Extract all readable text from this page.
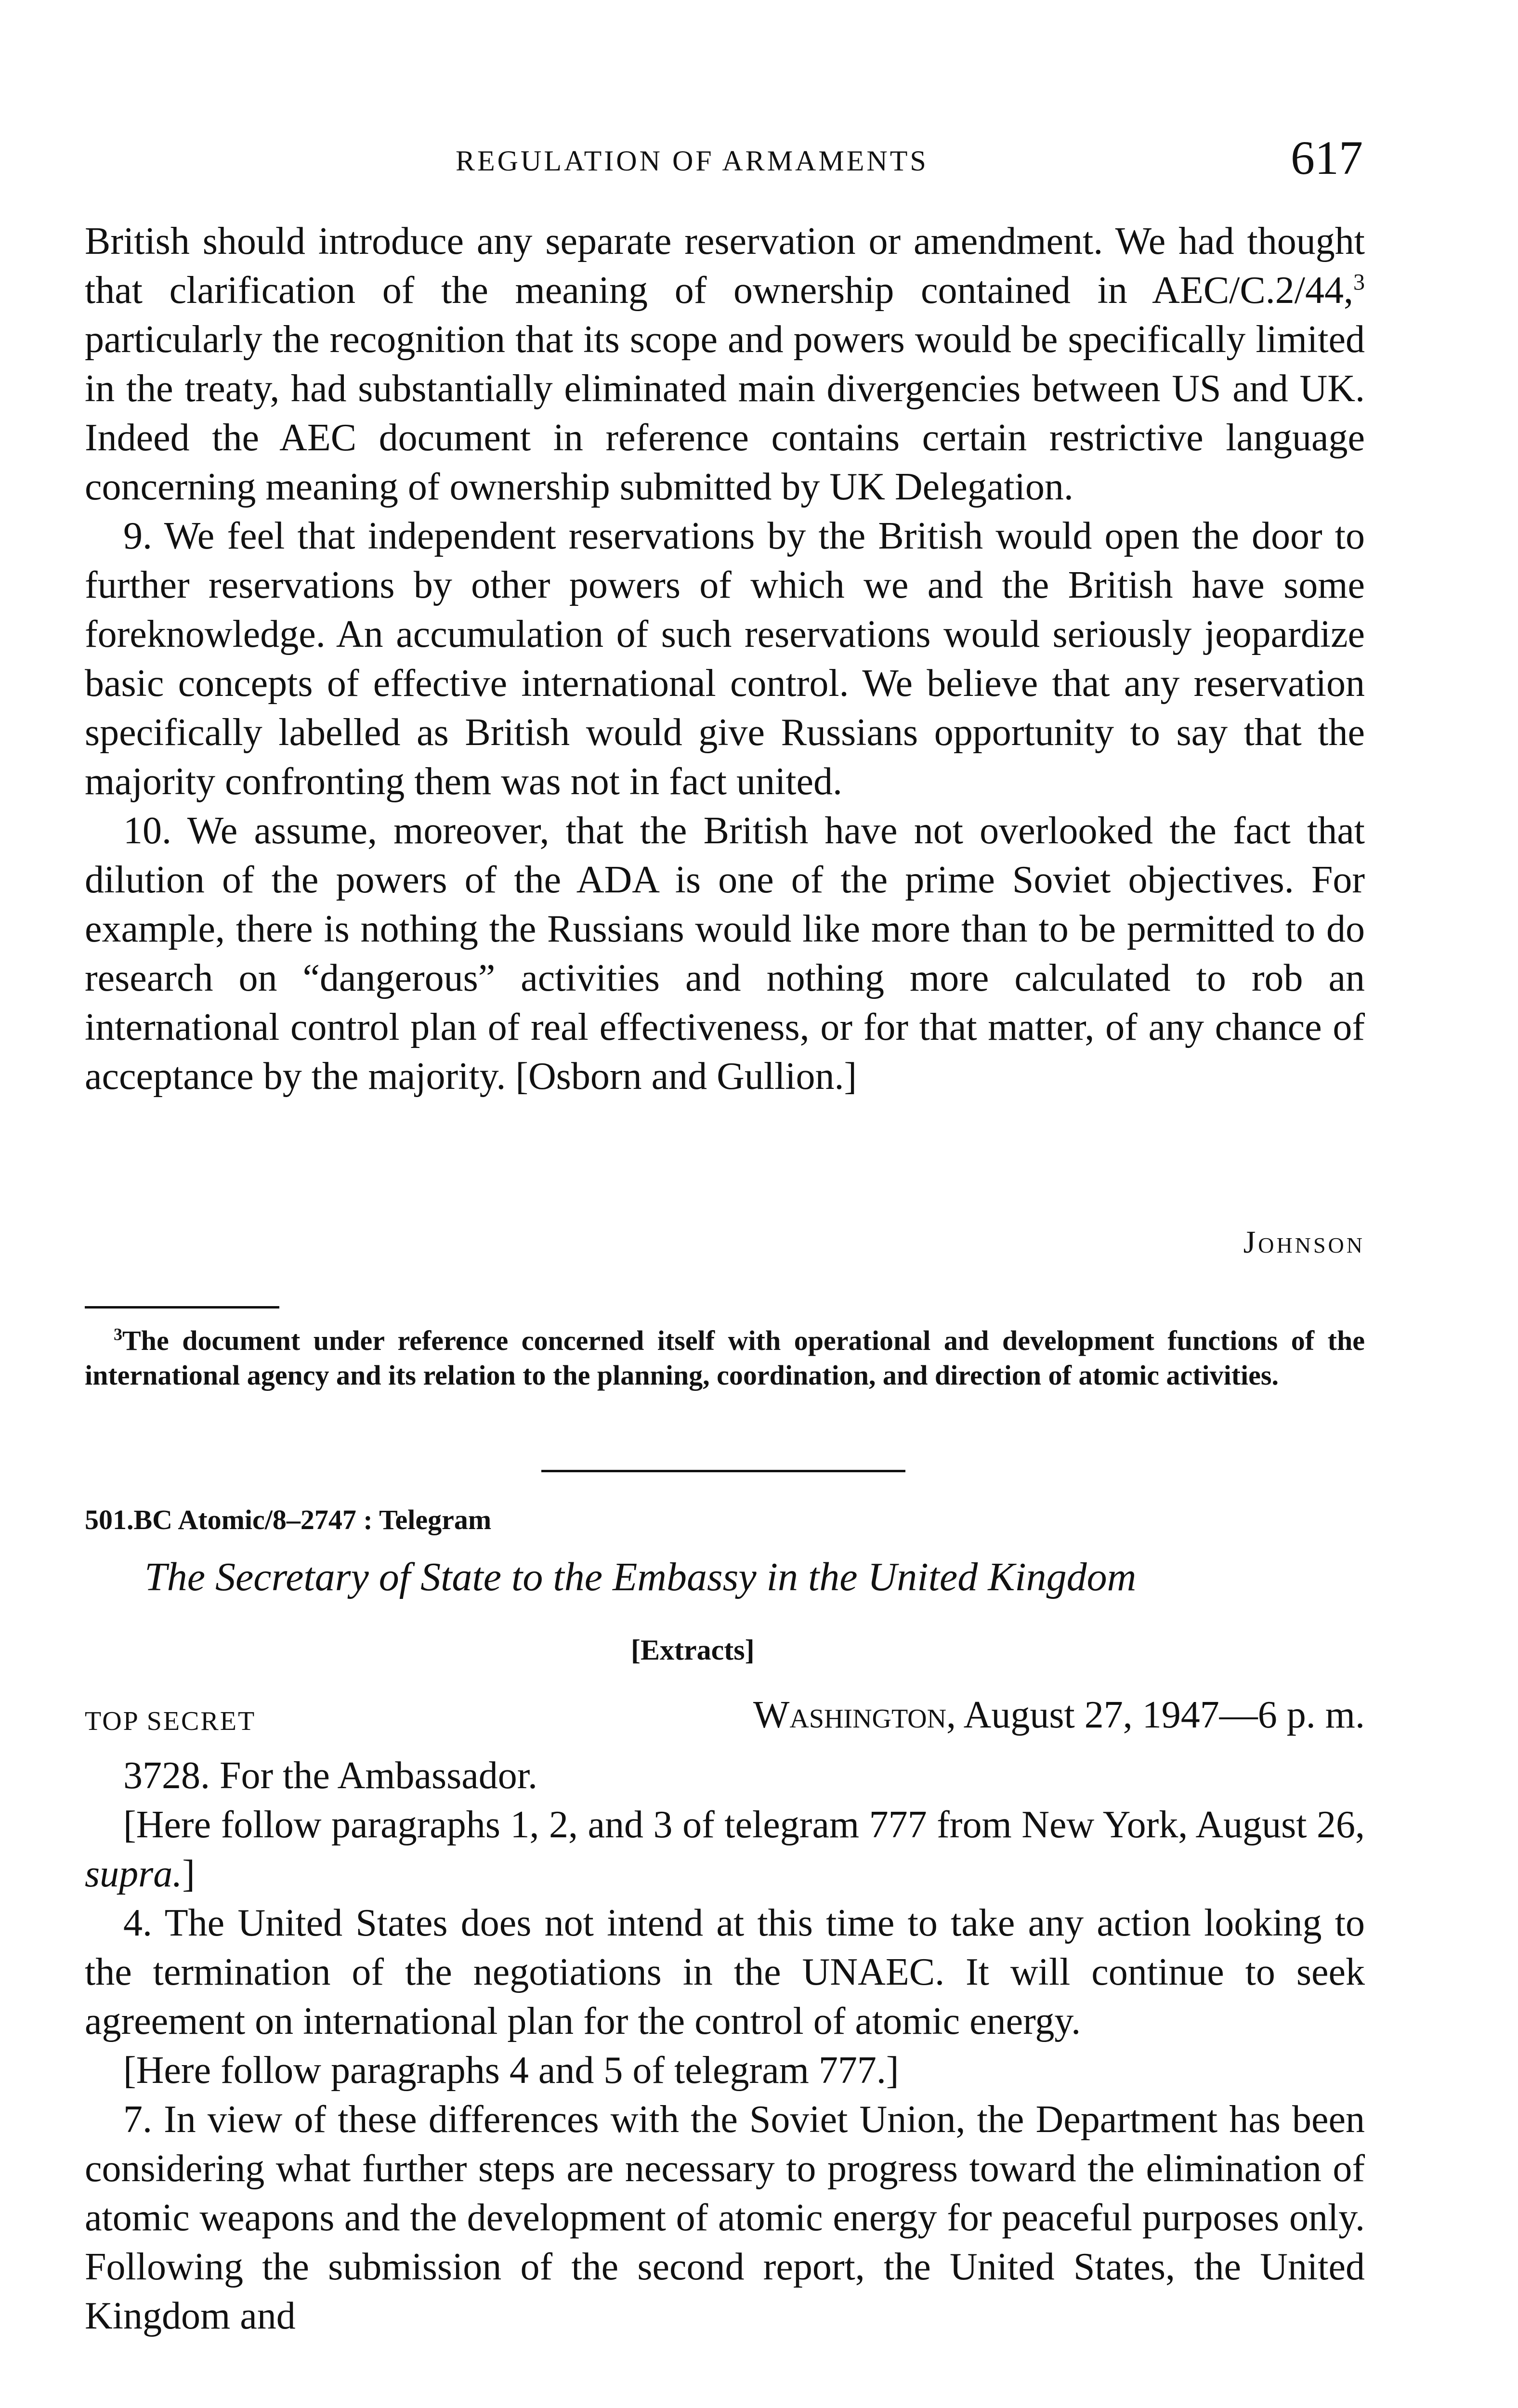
REGULATION OF ARMAMENTS	617

British should introduce any separate reservation or amendment. We had thought that clarification of the meaning of ownership contained in AEC/C.2/44,$^3$ particularly the recognition that its scope and powers would be specifically limited in the treaty, had substantially eliminated main divergencies between US and UK. Indeed the AEC document in reference contains certain restrictive language concerning meaning of ownership submitted by UK Delegation.

9. We feel that independent reservations by the British would open the door to further reservations by other powers of which we and the British have some foreknowledge. An accumulation of such reservations would seriously jeopardize basic concepts of effective international control. We believe that any reservation specifically labelled as British would give Russians opportunity to say that the majority confronting them was not in fact united.

10. We assume, moreover, that the British have not overlooked the fact that dilution of the powers of the ADA is one of the prime Soviet objectives. For example, there is nothing the Russians would like more than to be permitted to do research on “dangerous” activities and nothing more calculated to rob an international control plan of real effectiveness, or for that matter, of any chance of acceptance by the majority. [Osborn and Gullion.]

Johnson
$^3$The document under reference concerned itself with operational and development functions of the international agency and its relation to the planning, coordination, and direction of atomic activities.
501.BC Atomic/8–2747 : Telegram
The Secretary of State to the Embassy in the United Kingdom
[Extracts]
TOP SECRET	Washington, August 27, 1947—6 p. m.

3728. For the Ambassador.

[Here follow paragraphs 1, 2, and 3 of telegram 777 from New York, August 26, supra.]

4. The United States does not intend at this time to take any action looking to the termination of the negotiations in the UNAEC. It will continue to seek agreement on international plan for the control of atomic energy.

[Here follow paragraphs 4 and 5 of telegram 777.]

7. In view of these differences with the Soviet Union, the Department has been considering what further steps are necessary to progress toward the elimination of atomic weapons and the development of atomic energy for peaceful purposes only. Following the submission of the second report, the United States, the United Kingdom and
